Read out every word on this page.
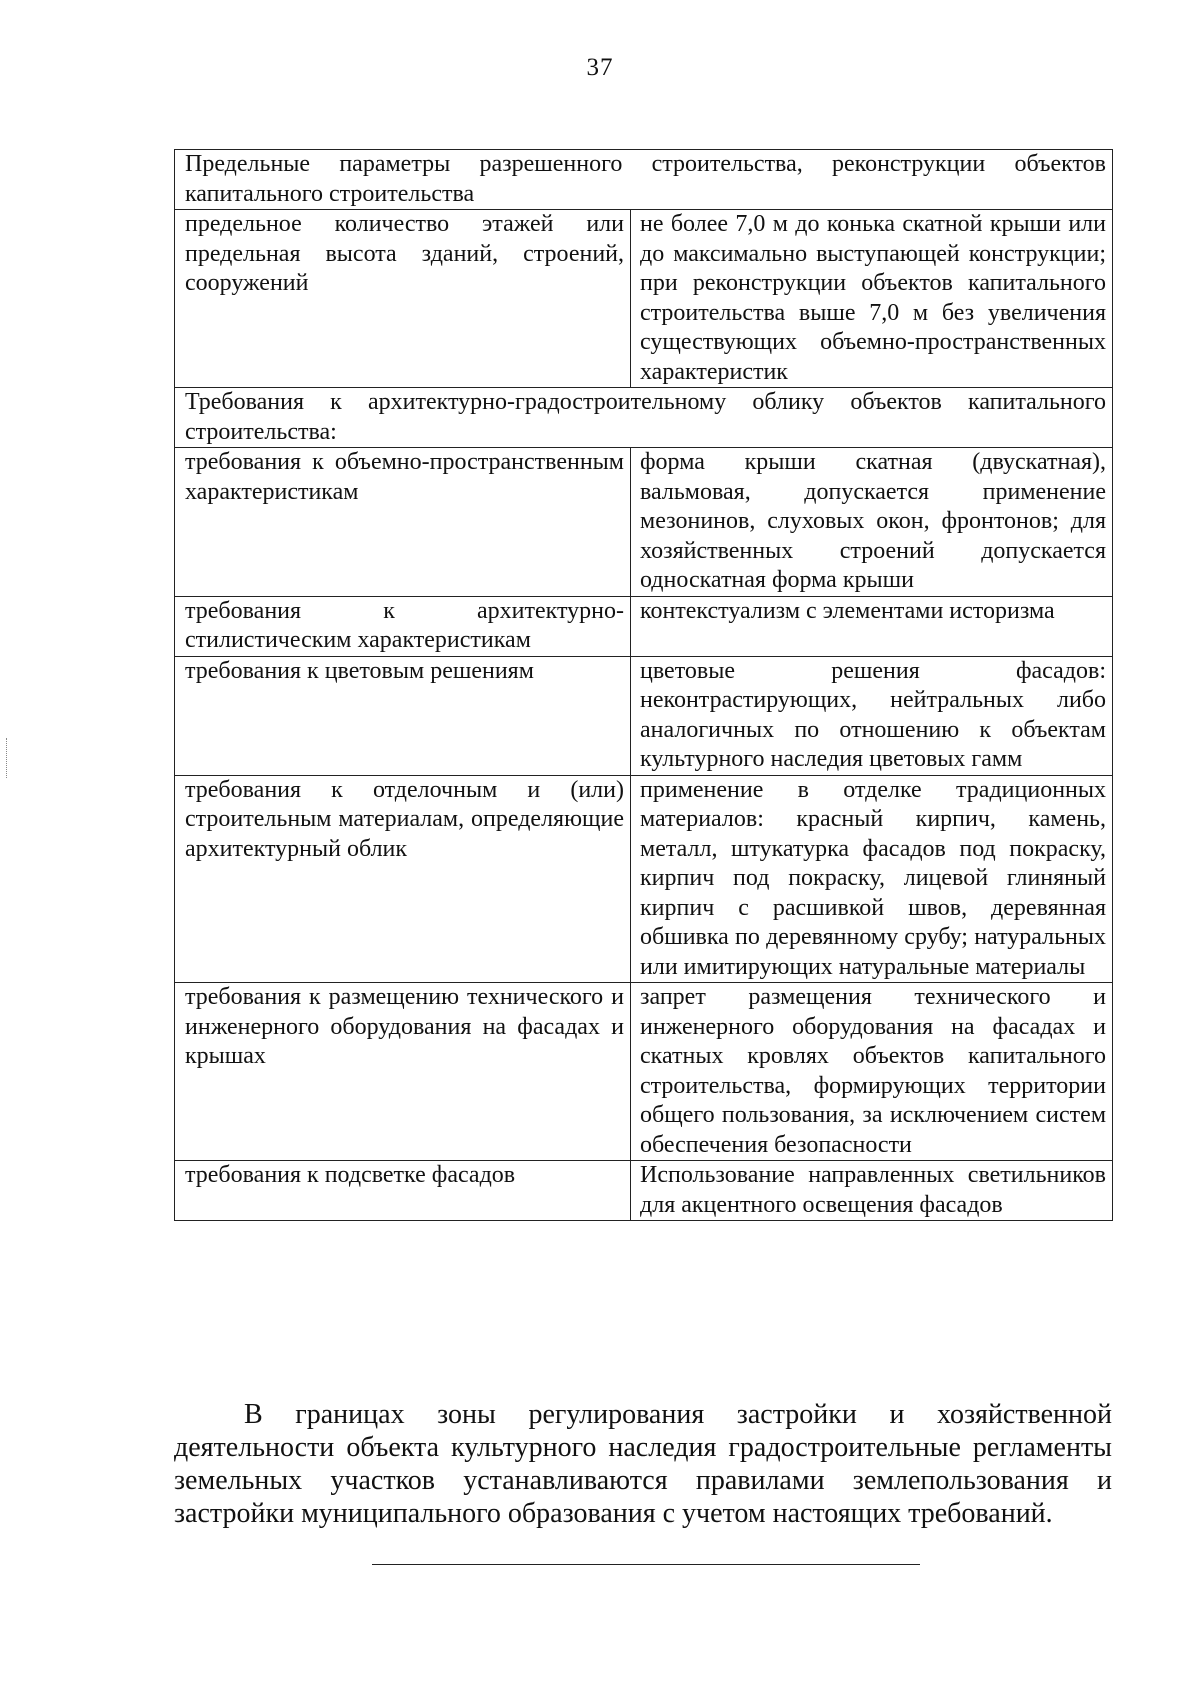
37
Предельные параметры разрешенного строительства, реконструкции объектов капитального строительства	
предельное количество этажей или предельная высота зданий, строений, сооружений	не более 7,0 м до конька скатной крыши или до максимально выступающей конструкции; при реконструкции объектов капитального строительства выше 7,0 м без увеличения существующих объемно-пространственных характеристик
Требования к архитектурно-градостроительному облику объектов капитального строительства:	
требования к объемно-пространственным характеристикам	форма крыши скатная (двускатная), вальмовая, допускается применение мезонинов, слуховых окон, фронтонов; для хозяйственных строений допускается односкатная форма крыши
требования к архитектурно-стилистическим характеристикам	контекстуализм с элементами историзма
требования к цветовым решениям	цветовые решения фасадов: неконтрастирующих, нейтральных либо аналогичных по отношению к объектам культурного наследия цветовых гамм
требования к отделочным и (или) строительным материалам, определяющие архитектурный облик	применение в отделке традиционных материалов: красный кирпич, камень, металл, штукатурка фасадов под покраску, кирпич под покраску, лицевой глиняный кирпич с расшивкой швов, деревянная обшивка по деревянному срубу; натуральных или имитирующих натуральные материалы
требования к размещению технического и инженерного оборудования на фасадах и крышах	запрет размещения технического и инженерного оборудования на фасадах и скатных кровлях объектов капитального строительства, формирующих территории общего пользования, за исключением систем обеспечения безопасности
требования к подсветке фасадов	Использование направленных светильников для акцентного освещения фасадов

В границах зоны регулирования застройки и хозяйственной деятельности объекта культурного наследия градостроительные регламенты земельных участков устанавливаются правилами землепользования и застройки муниципального образования с учетом настоящих требований.
